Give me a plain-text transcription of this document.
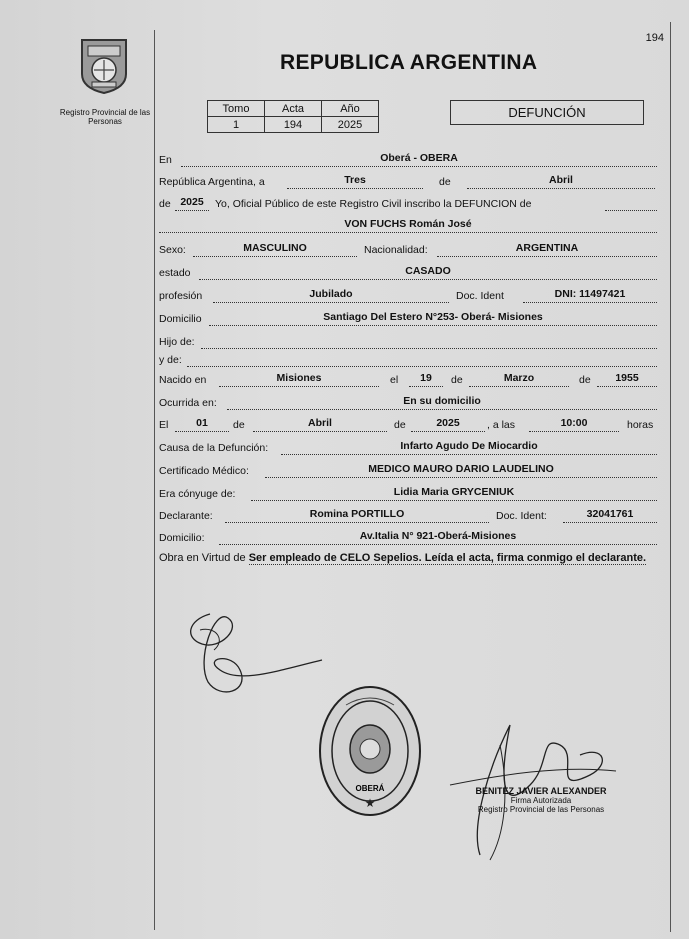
194
Registro Provincial de las Personas
REPUBLICA ARGENTINA
Tomo	Acta	Año
1	194	2025
DEFUNCIÓN
En	Oberá - OBERA
República Argentina, a	Tres	de	Abril
de 2025	Yo, Oficial Público de este Registro Civil inscribo la DEFUNCION de
VON FUCHS Román José
Sexo:	MASCULINO	Nacionalidad:	ARGENTINA
estado	CASADO
profesión	Jubilado	Doc. Ident	DNI: 11497421
Domicilio	Santiago Del Estero N°253- Oberá- Misiones
Hijo de:
y de:
Nacido en	Misiones	el	19	de	Marzo	de	1955
Ocurrida en:	En su domicilio
El	01	de	Abril	de	2025	, a las	10:00	horas
Causa de la Defunción:	Infarto Agudo De Miocardio
Certificado Médico:	MEDICO MAURO DARIO LAUDELINO
Era cónyuge de:	Lidia Maria GRYCENIUK
Declarante:	Romina PORTILLO	Doc. Ident:	32041761
Domicilio:	Av.Italia N° 921-Oberá-Misiones
Obra en Virtud de Ser empleado de CELO Sepelios. Leída el acta, firma conmigo el declarante.
OBERÁ
★
BENITEZ JAVIER ALEXANDER
Firma Autorizada
Registro Provincial de las Personas
